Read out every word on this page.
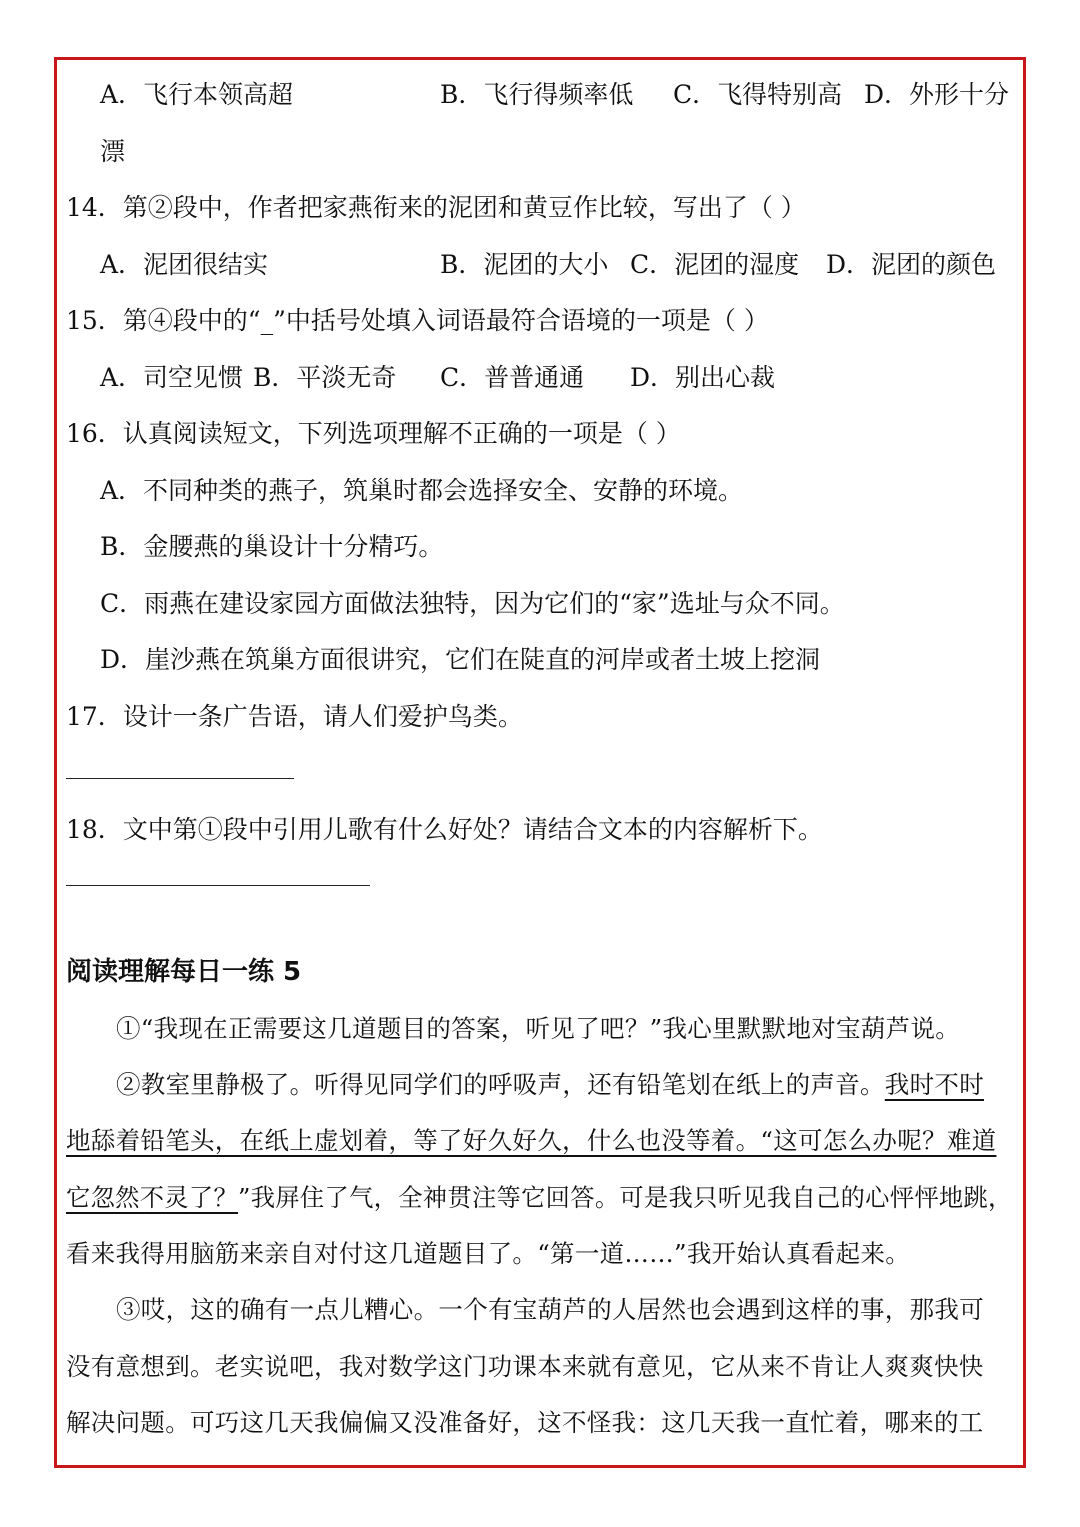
A．飞行本领高超	B．飞行得频率低 C．飞得特别高 D．外形十分
漂
14．第②段中，作者把家燕衔来的泥团和黄豆作比较，写出了（ ）
A．泥团很结实	B．泥团的大小 C．泥团的湿度 D．泥团的颜色
15．第④段中的“_”中括号处填入词语最符合语境的一项是（ ）
A．司空见惯 B．平淡无奇 C．普普通通 D．别出心裁
16．认真阅读短文，下列选项理解不正确的一项是（ ）
A．不同种类的燕子，筑巢时都会选择安全、安静的环境。
B．金腰燕的巢设计十分精巧。
C．雨燕在建设家园方面做法独特，因为它们的“家”选址与众不同。
D．崖沙燕在筑巢方面很讲究，它们在陡直的河岸或者土坡上挖洞
17．设计一条广告语，请人们爱护鸟类。
18．文中第①段中引用儿歌有什么好处？请结合文本的内容解析下。
阅读理解每日一练 5
①“我现在正需要这几道题目的答案，听见了吧？”我心里默默地对宝葫芦说。
②教室里静极了。听得见同学们的呼吸声，还有铅笔划在纸上的声音。我时不时
地舔着铅笔头，在纸上虚划着，等了好久好久，什么也没等着。“这可怎么办呢？难道
它忽然不灵了？”我屏住了气，全神贯注等它回答。可是我只听见我自己的心怦怦地跳，
看来我得用脑筋来亲自对付这几道题目了。“第一道……”我开始认真看起来。
③哎，这的确有一点儿糟心。一个有宝葫芦的人居然也会遇到这样的事，那我可
没有意想到。老实说吧，我对数学这门功课本来就有意见，它从来不肯让人爽爽快快
解决问题。可巧这几天我偏偏又没准备好，这不怪我：这几天我一直忙着，哪来的工
